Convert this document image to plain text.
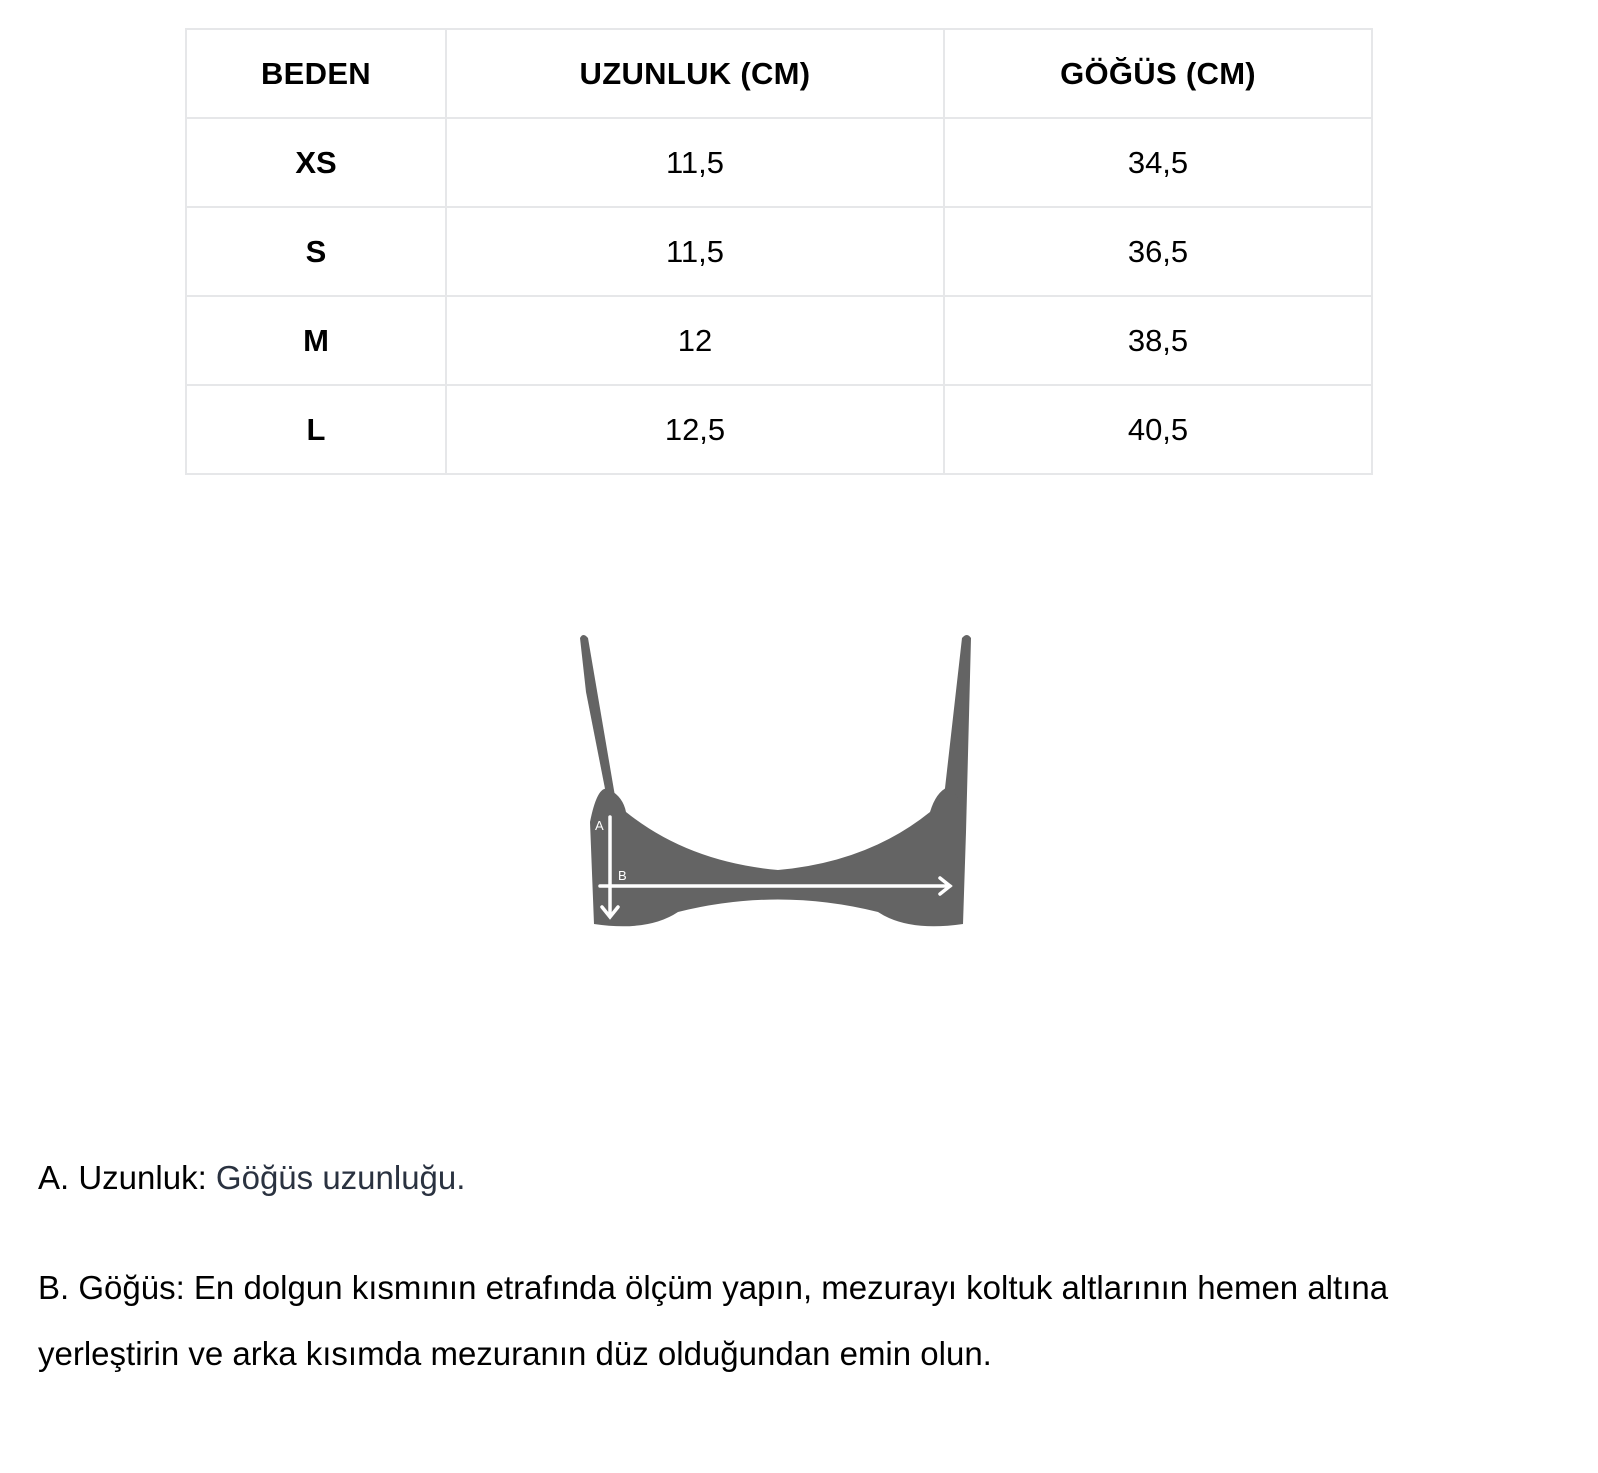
BEDEN	UZUNLUK (CM)	GÖĞÜS (CM)
XS	11,5	34,5
S	11,5	36,5
M	12	38,5
L	12,5	40,5
A
B
A. Uzunluk: Göğüs uzunluğu.
B. Göğüs: En dolgun kısmının etrafında ölçüm yapın, mezurayı koltuk altlarının hemen altına yerleştirin ve arka kısımda mezuranın düz olduğundan emin olun.
